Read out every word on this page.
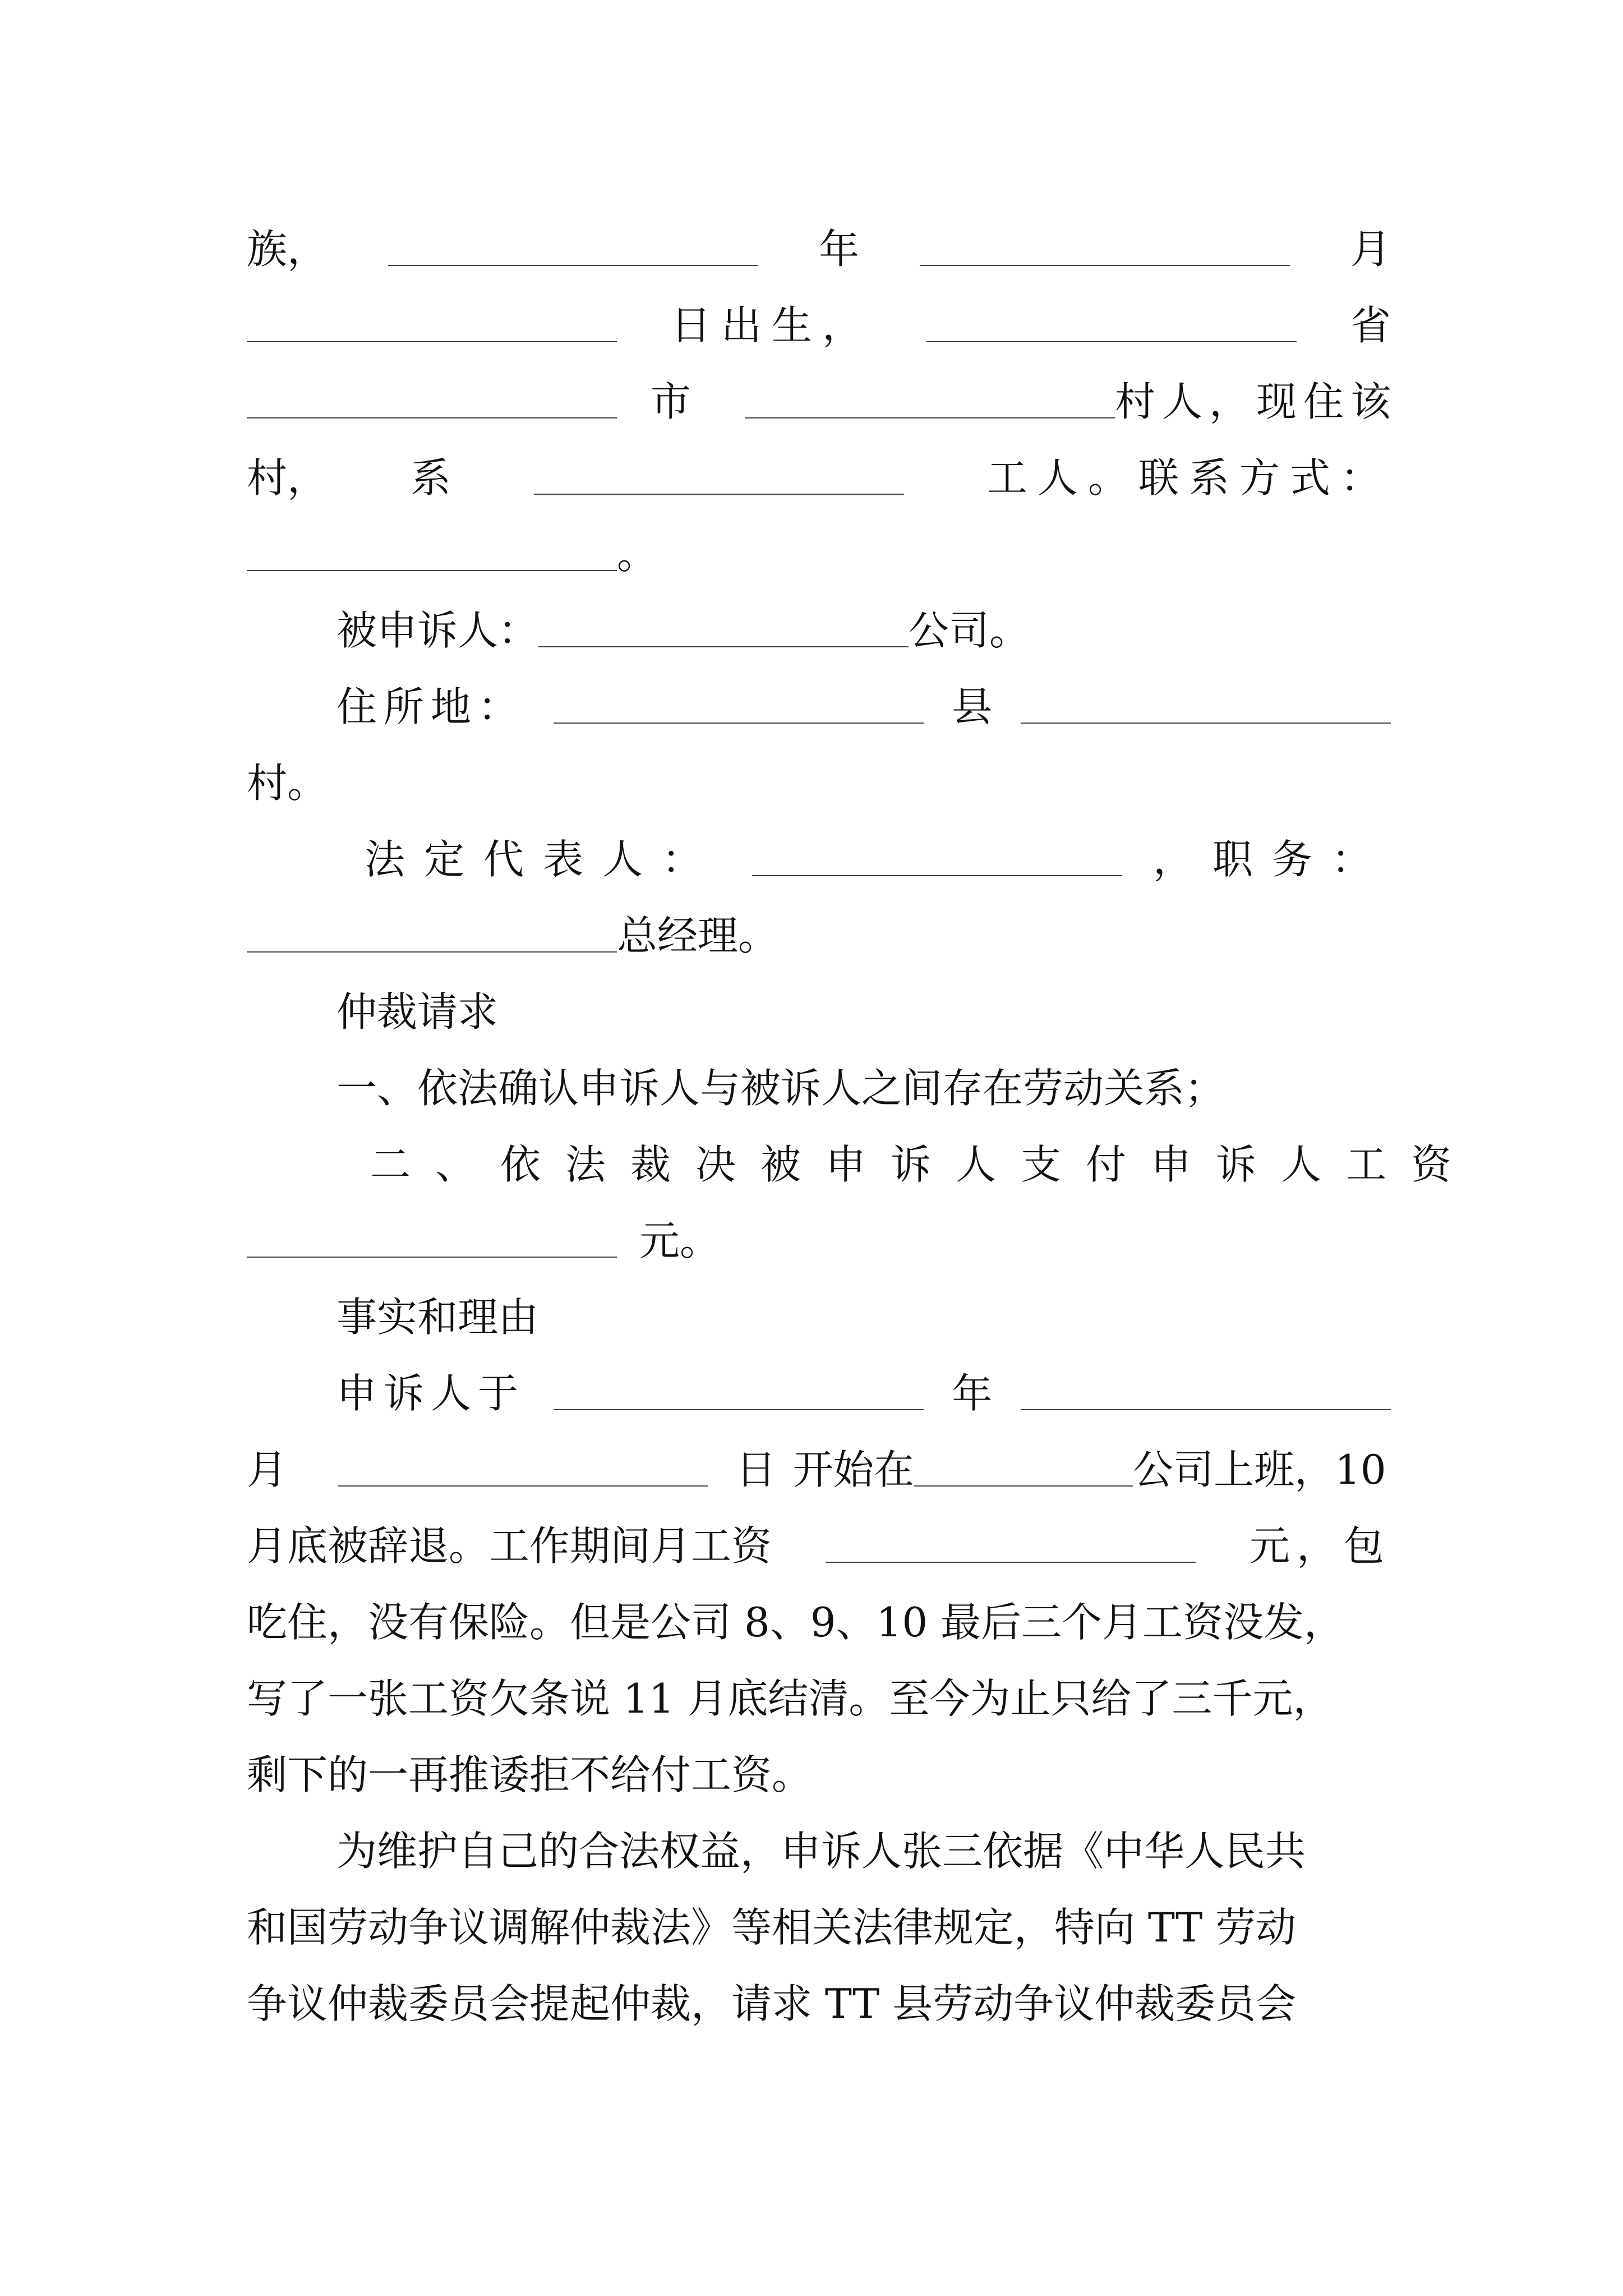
族，	年	月
日出生，	省
市	村人，现住该
村， 系	工人。联系方式：
。
被申诉人：	公司。
住所地：	县
村。
法定代表人：	，职务：
总经理。
仲裁请求
一、依法确认申诉人与被诉人之间存在劳动关系；
二、依法裁决被申诉人支付申诉人工资
元。
事实和理由
申诉人于	年
月	日 开始在	公司上班，10
月底被辞退。工作期间月工资	元，包
吃住，没有保险。但是公司 8、9、10 最后三个月工资没发，
写了一张工资欠条说 11 月底结清。至今为止只给了三千元，
剩下的一再推诿拒不给付工资。
为维护自己的合法权益，申诉人张三依据《中华人民共
和国劳动争议调解仲裁法》等相关法律规定，特向 TT 劳动
争议仲裁委员会提起仲裁，请求 TT 县劳动争议仲裁委员会
